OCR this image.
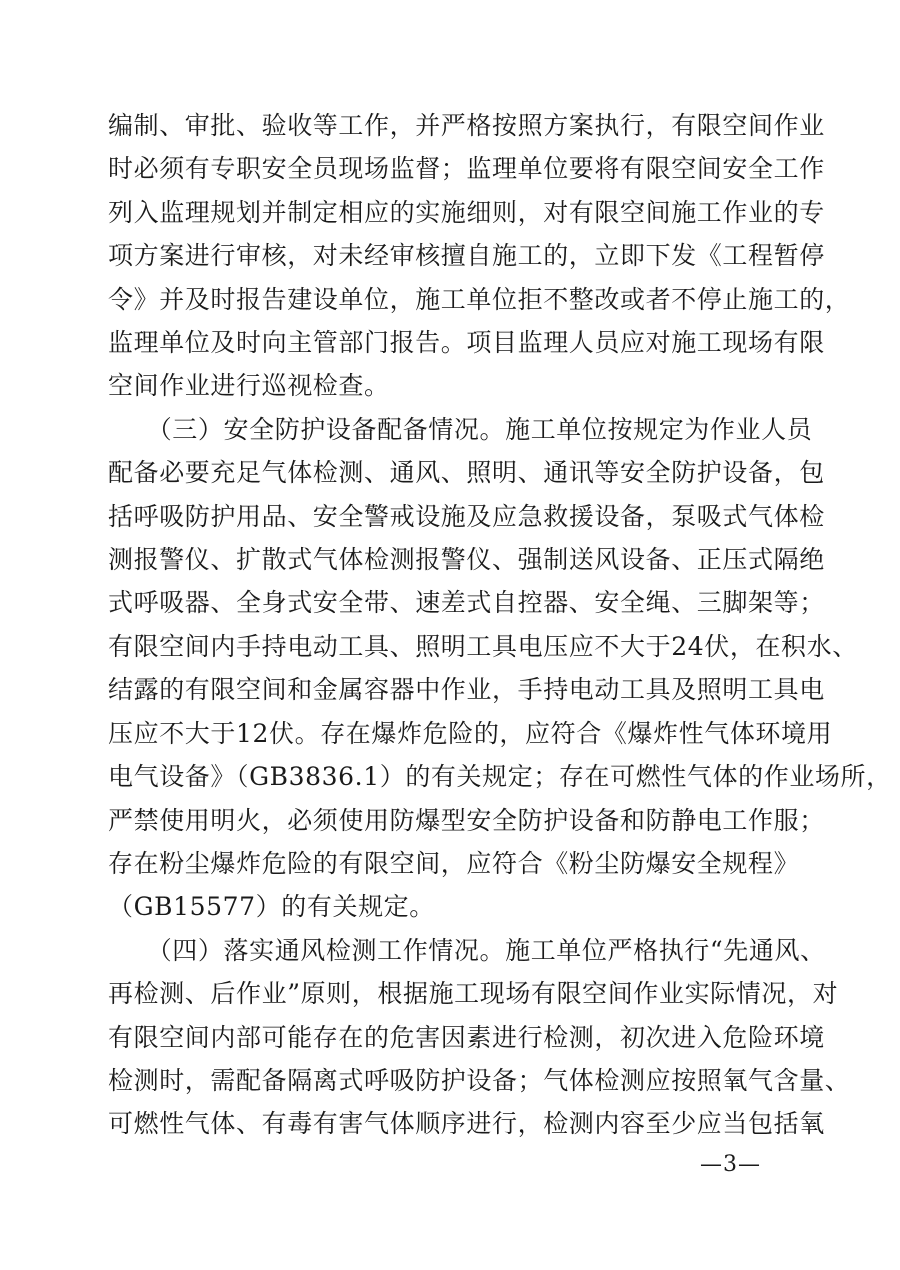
编制、审批、验收等工作，并严格按照方案执行，有限空间作业

时必须有专职安全员现场监督；监理单位要将有限空间安全工作

列入监理规划并制定相应的实施细则，对有限空间施工作业的专

项方案进行审核，对未经审核擅自施工的，立即下发《工程暂停

令》并及时报告建设单位，施工单位拒不整改或者不停止施工的，

监理单位及时向主管部门报告。项目监理人员应对施工现场有限

空间作业进行巡视检查。

　　（三）安全防护设备配备情况。施工单位按规定为作业人员

配备必要充足气体检测、通风、照明、通讯等安全防护设备，包

括呼吸防护用品、安全警戒设施及应急救援设备，泵吸式气体检

测报警仪、扩散式气体检测报警仪、强制送风设备、正压式隔绝

式呼吸器、全身式安全带、速差式自控器、安全绳、三脚架等；

有限空间内手持电动工具、照明工具电压应不大于24伏，在积水、

结露的有限空间和金属容器中作业，手持电动工具及照明工具电

压应不大于12伏。存在爆炸危险的，应符合《爆炸性气体环境用

电气设备》（GB3836.1）的有关规定；存在可燃性气体的作业场所，

严禁使用明火，必须使用防爆型安全防护设备和防静电工作服；

存在粉尘爆炸危险的有限空间，应符合《粉尘防爆安全规程》

（GB15577）的有关规定。

　　（四）落实通风检测工作情况。施工单位严格执行“先通风、

再检测、后作业”原则，根据施工现场有限空间作业实际情况，对

有限空间内部可能存在的危害因素进行检测，初次进入危险环境

检测时，需配备隔离式呼吸防护设备；气体检测应按照氧气含量、

可燃性气体、有毒有害气体顺序进行，检测内容至少应当包括氧

—3—
